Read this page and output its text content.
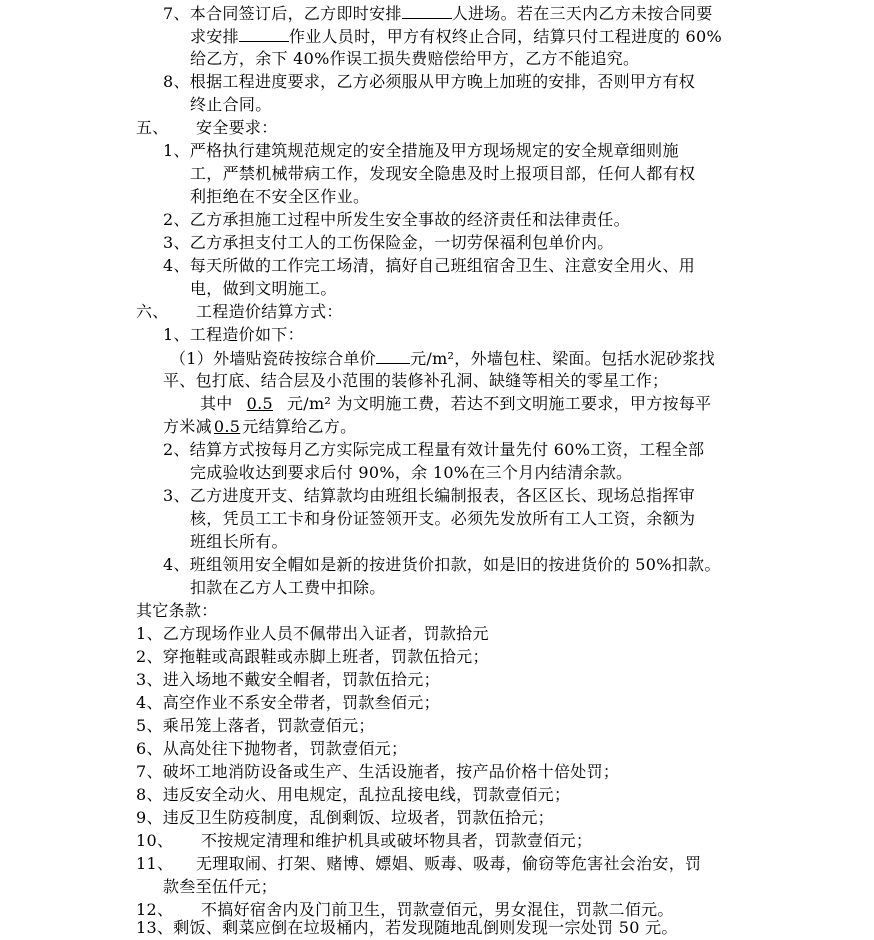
7、本合同签订后，乙方即时安排	人进场。若在三天内乙方未按合同要
求安排	作业人员时，甲方有权终止合同，结算只付工程进度的 60%
给乙方，余下 40%作误工损失费赔偿给甲方，乙方不能追究。
8、根据工程进度要求，乙方必须服从甲方晚上加班的安排，否则甲方有权
终止合同。
五、 安全要求：
1、严格执行建筑规范规定的安全措施及甲方现场规定的安全规章细则施
工，严禁机械带病工作，发现安全隐患及时上报项目部，任何人都有权
利拒绝在不安全区作业。
2、乙方承担施工过程中所发生安全事故的经济责任和法律责任。
3、乙方承担支付工人的工伤保险金，一切劳保福利包单价内。
4、每天所做的工作完工场清，搞好自己班组宿舍卫生、注意安全用火、用
电，做到文明施工。
六、 工程造价结算方式：
1、工程造价如下：
（1）外墙贴瓷砖按综合单价 元/m²，外墙包柱、梁面。包括水泥砂浆找
平、包打底、结合层及小范围的装修补孔洞、缺缝等相关的零星工作；
其中 0.5 元/m² 为文明施工费，若达不到文明施工要求，甲方按每平
方米减 0.5 元结算给乙方。
2、结算方式按每月乙方实际完成工程量有效计量先付 60%工资，工程全部
完成验收达到要求后付 90%，余 10%在三个月内结清余款。
3、乙方进度开支、结算款均由班组长编制报表，各区区长、现场总指挥审
核，凭员工工卡和身份证签领开支。必须先发放所有工人工资，余额为
班组长所有。
4、班组领用安全帽如是新的按进货价扣款，如是旧的按进货价的 50%扣款。
扣款在乙方人工费中扣除。
其它条款：
1、乙方现场作业人员不佩带出入证者，罚款拾元
2、穿拖鞋或高跟鞋或赤脚上班者，罚款伍拾元；
3、进入场地不戴安全帽者，罚款伍拾元；
4、高空作业不系安全带者，罚款叁佰元；
5、乘吊笼上落者，罚款壹佰元；
6、从高处往下抛物者，罚款壹佰元；
7、破坏工地消防设备或生产、生活设施者，按产品价格十倍处罚；
8、违反安全动火、用电规定，乱拉乱接电线，罚款壹佰元；
9、违反卫生防疫制度，乱倒剩饭、垃圾者，罚款伍拾元；
10、 不按规定清理和维护机具或破坏物具者，罚款壹佰元；
11、 无理取闹、打架、赌博、嫖娼、贩毒、吸毒，偷窃等危害社会治安，罚
款叁至伍仟元；
12、 不搞好宿舍内及门前卫生，罚款壹佰元，男女混住，罚款二佰元。
13、剩饭、剩菜应倒在垃圾桶内，若发现随地乱倒则发现一宗处罚 50 元。
